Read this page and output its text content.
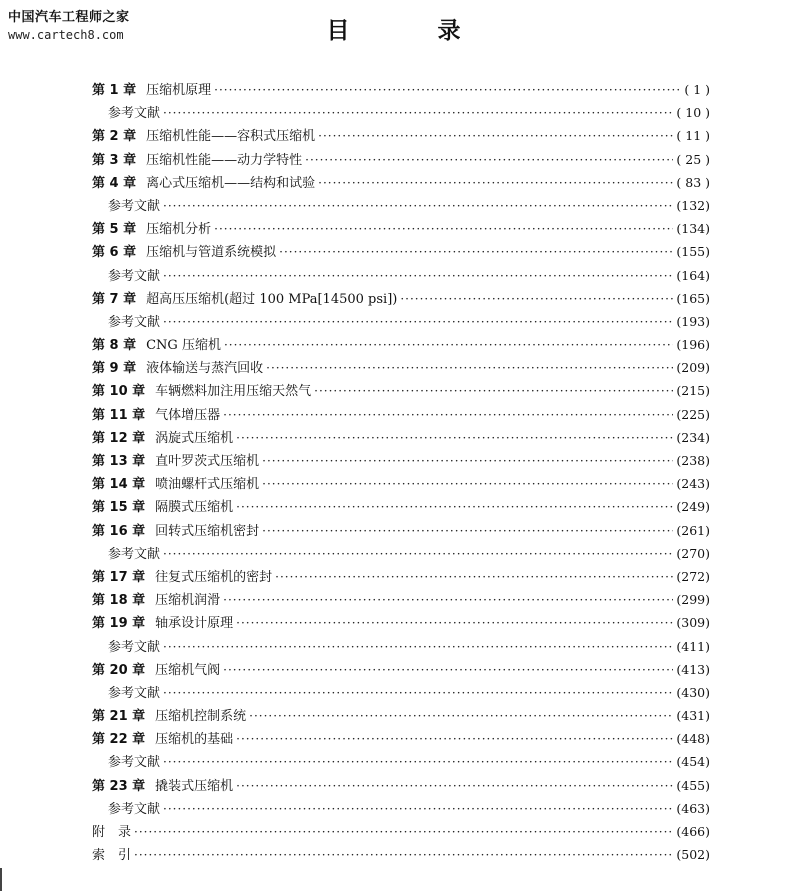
中国汽车工程师之家
www.cartech8.com	目 录
第 1 章 压缩机原理 ·····	( 1 )
参考文献 ·····	( 10 )
第 2 章 压缩机性能——容积式压缩机 ·····	( 11 )
第 3 章 压缩机性能——动力学特性 ·····	( 25 )
第 4 章 离心式压缩机——结构和试验 ·····	( 83 )
参考文献 ·····	(132)
第 5 章 压缩机分析 ·····	(134)
第 6 章 压缩机与管道系统模拟 ·····	(155)
参考文献 ·····	(164)
第 7 章 超高压压缩机(超过 100 MPa[14500 psi]) ·····	(165)
参考文献 ·····	(193)
第 8 章 CNG 压缩机 ·····	(196)
第 9 章 液体输送与蒸汽回收 ·····	(209)
第 10 章 车辆燃料加注用压缩天然气 ·····	(215)
第 11 章 气体增压器 ·····	(225)
第 12 章 涡旋式压缩机 ·····	(234)
第 13 章 直叶罗茨式压缩机 ·····	(238)
第 14 章 喷油螺杆式压缩机 ·····	(243)
第 15 章 隔膜式压缩机 ·····	(249)
第 16 章 回转式压缩机密封 ·····	(261)
参考文献 ·····	(270)
第 17 章 往复式压缩机的密封 ·····	(272)
第 18 章 压缩机润滑 ·····	(299)
第 19 章 轴承设计原理 ·····	(309)
参考文献 ·····	(411)
第 20 章 压缩机气阀 ·····	(413)
参考文献 ·····	(430)
第 21 章 压缩机控制系统 ·····	(431)
第 22 章 压缩机的基础 ·····	(448)
参考文献 ·····	(454)
第 23 章 撬装式压缩机 ·····	(455)
参考文献 ·····	(463)
附　录 ·····	(466)
索　引 ·····	(502)
